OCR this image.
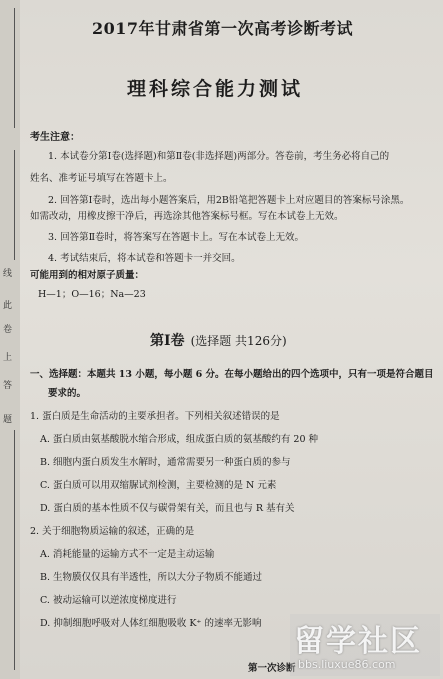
线
此
卷
上
答
题
2017年甘肃省第一次高考诊断考试
理科综合能力测试
考生注意：
1. 本试卷分第Ⅰ卷(选择题)和第Ⅱ卷(非选择题)两部分。答卷前，考生务必将自己的
姓名、准考证号填写在答题卡上。
2. 回答第Ⅰ卷时，选出每小题答案后，用2B铅笔把答题卡上对应题目的答案标号涂黑。
如需改动，用橡皮擦干净后，再选涂其他答案标号框。写在本试卷上无效。
3. 回答第Ⅱ卷时，将答案写在答题卡上。写在本试卷上无效。
4. 考试结束后，将本试卷和答题卡一并交回。
可能用到的相对原子质量：
H—1；O—16；Na—23
第Ⅰ卷 (选择题 共126分)
一、选择题：本题共 13 小题，每小题 6 分。在每小题给出的四个选项中，只有一项是符合题目
要求的。
1. 蛋白质是生命活动的主要承担者。下列相关叙述错误的是
A. 蛋白质由氨基酸脱水缩合形成，组成蛋白质的氨基酸约有 20 种
B. 细胞内蛋白质发生水解时，通常需要另一种蛋白质的参与
C. 蛋白质可以用双缩脲试剂检测，主要检测的是 N 元素
D. 蛋白质的基本性质不仅与碳骨架有关，而且也与 R 基有关
2. 关于细胞物质运输的叙述，正确的是
A. 消耗能量的运输方式不一定是主动运输
B. 生物膜仅仅具有半透性，所以大分子物质不能通过
C. 被动运输可以逆浓度梯度进行
D. 抑制细胞呼吸对人体红细胞吸收 K⁺ 的速率无影响
第一次诊断
留学社区
bbs.liuxue86.com
